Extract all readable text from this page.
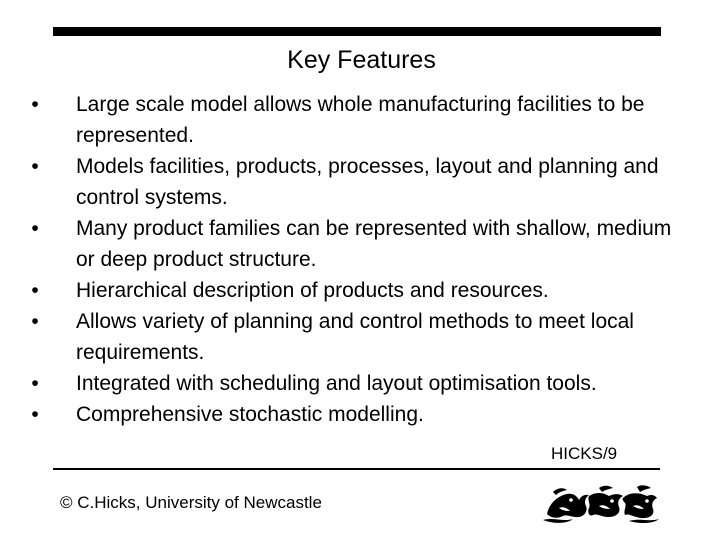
Key Features
•	Large scale model allows whole manufacturing facilities to be represented.
•	Models facilities, products, processes, layout and planning and control systems.
•	Many product families can be represented with shallow, medium or deep product structure.
•	Hierarchical description of products and resources.
•	Allows variety of planning and control methods to meet local requirements.
•	Integrated with scheduling and layout optimisation tools.
•	Comprehensive stochastic modelling.
HICKS/9
© C.Hicks, University of Newcastle
